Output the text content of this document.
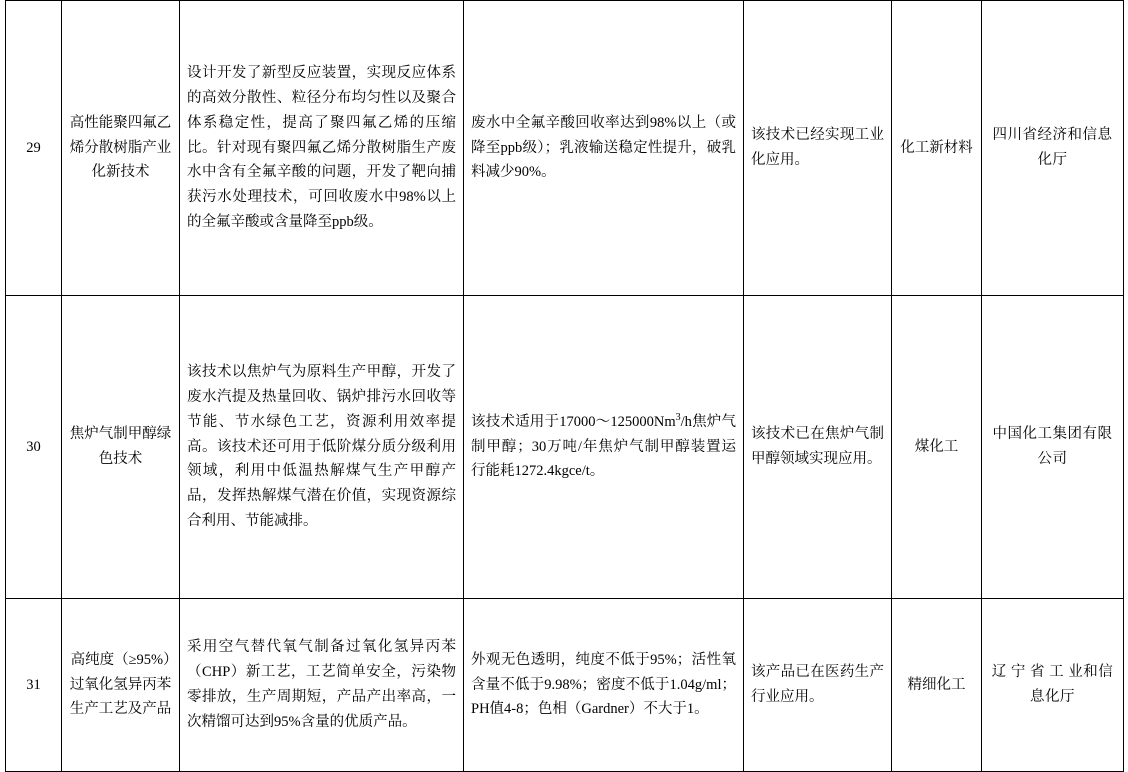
29	高性能聚四氟乙烯分散树脂产业化新技术	设计开发了新型反应装置，实现反应体系的高效分散性、粒径分布均匀性以及聚合体系稳定性，提高了聚四氟乙烯的压缩比。针对现有聚四氟乙烯分散树脂生产废水中含有全氟辛酸的问题，开发了靶向捕获污水处理技术，可回收废水中98%以上的全氟辛酸或含量降至ppb级。	废水中全氟辛酸回收率达到98%以上（或降至ppb级）；乳液输送稳定性提升，破乳料减少90%。	该技术已经实现工业化应用。	化工新材料	四川省经济和信息化厅
30	焦炉气制甲醇绿色技术	该技术以焦炉气为原料生产甲醇，开发了废水汽提及热量回收、锅炉排污水回收等节能、节水绿色工艺，资源利用效率提高。该技术还可用于低阶煤分质分级利用领域，利用中低温热解煤气生产甲醇产品，发挥热解煤气潜在价值，实现资源综合利用、节能减排。	该技术适用于17000～125000Nm$^3$/h焦炉气制甲醇；30万吨/年焦炉气制甲醇装置运行能耗1272.4kgce/t。	该技术已在焦炉气制甲醇领域实现应用。	煤化工	中国化工集团有限公司
31	高纯度（≥95%）过氧化氢异丙苯生产工艺及产品	采用空气替代氧气制备过氧化氢异丙苯（CHP）新工艺，工艺简单安全，污染物零排放，生产周期短，产品产出率高，一次精馏可达到95%含量的优质产品。	外观无色透明，纯度不低于95%；活性氧含量不低于9.98%；密度不低于1.04g/ml；PH值4-8；色相（Gardner）不大于1。	该产品已在医药生产行业应用。	精细化工	辽 宁 省 工 业和信息化厅
